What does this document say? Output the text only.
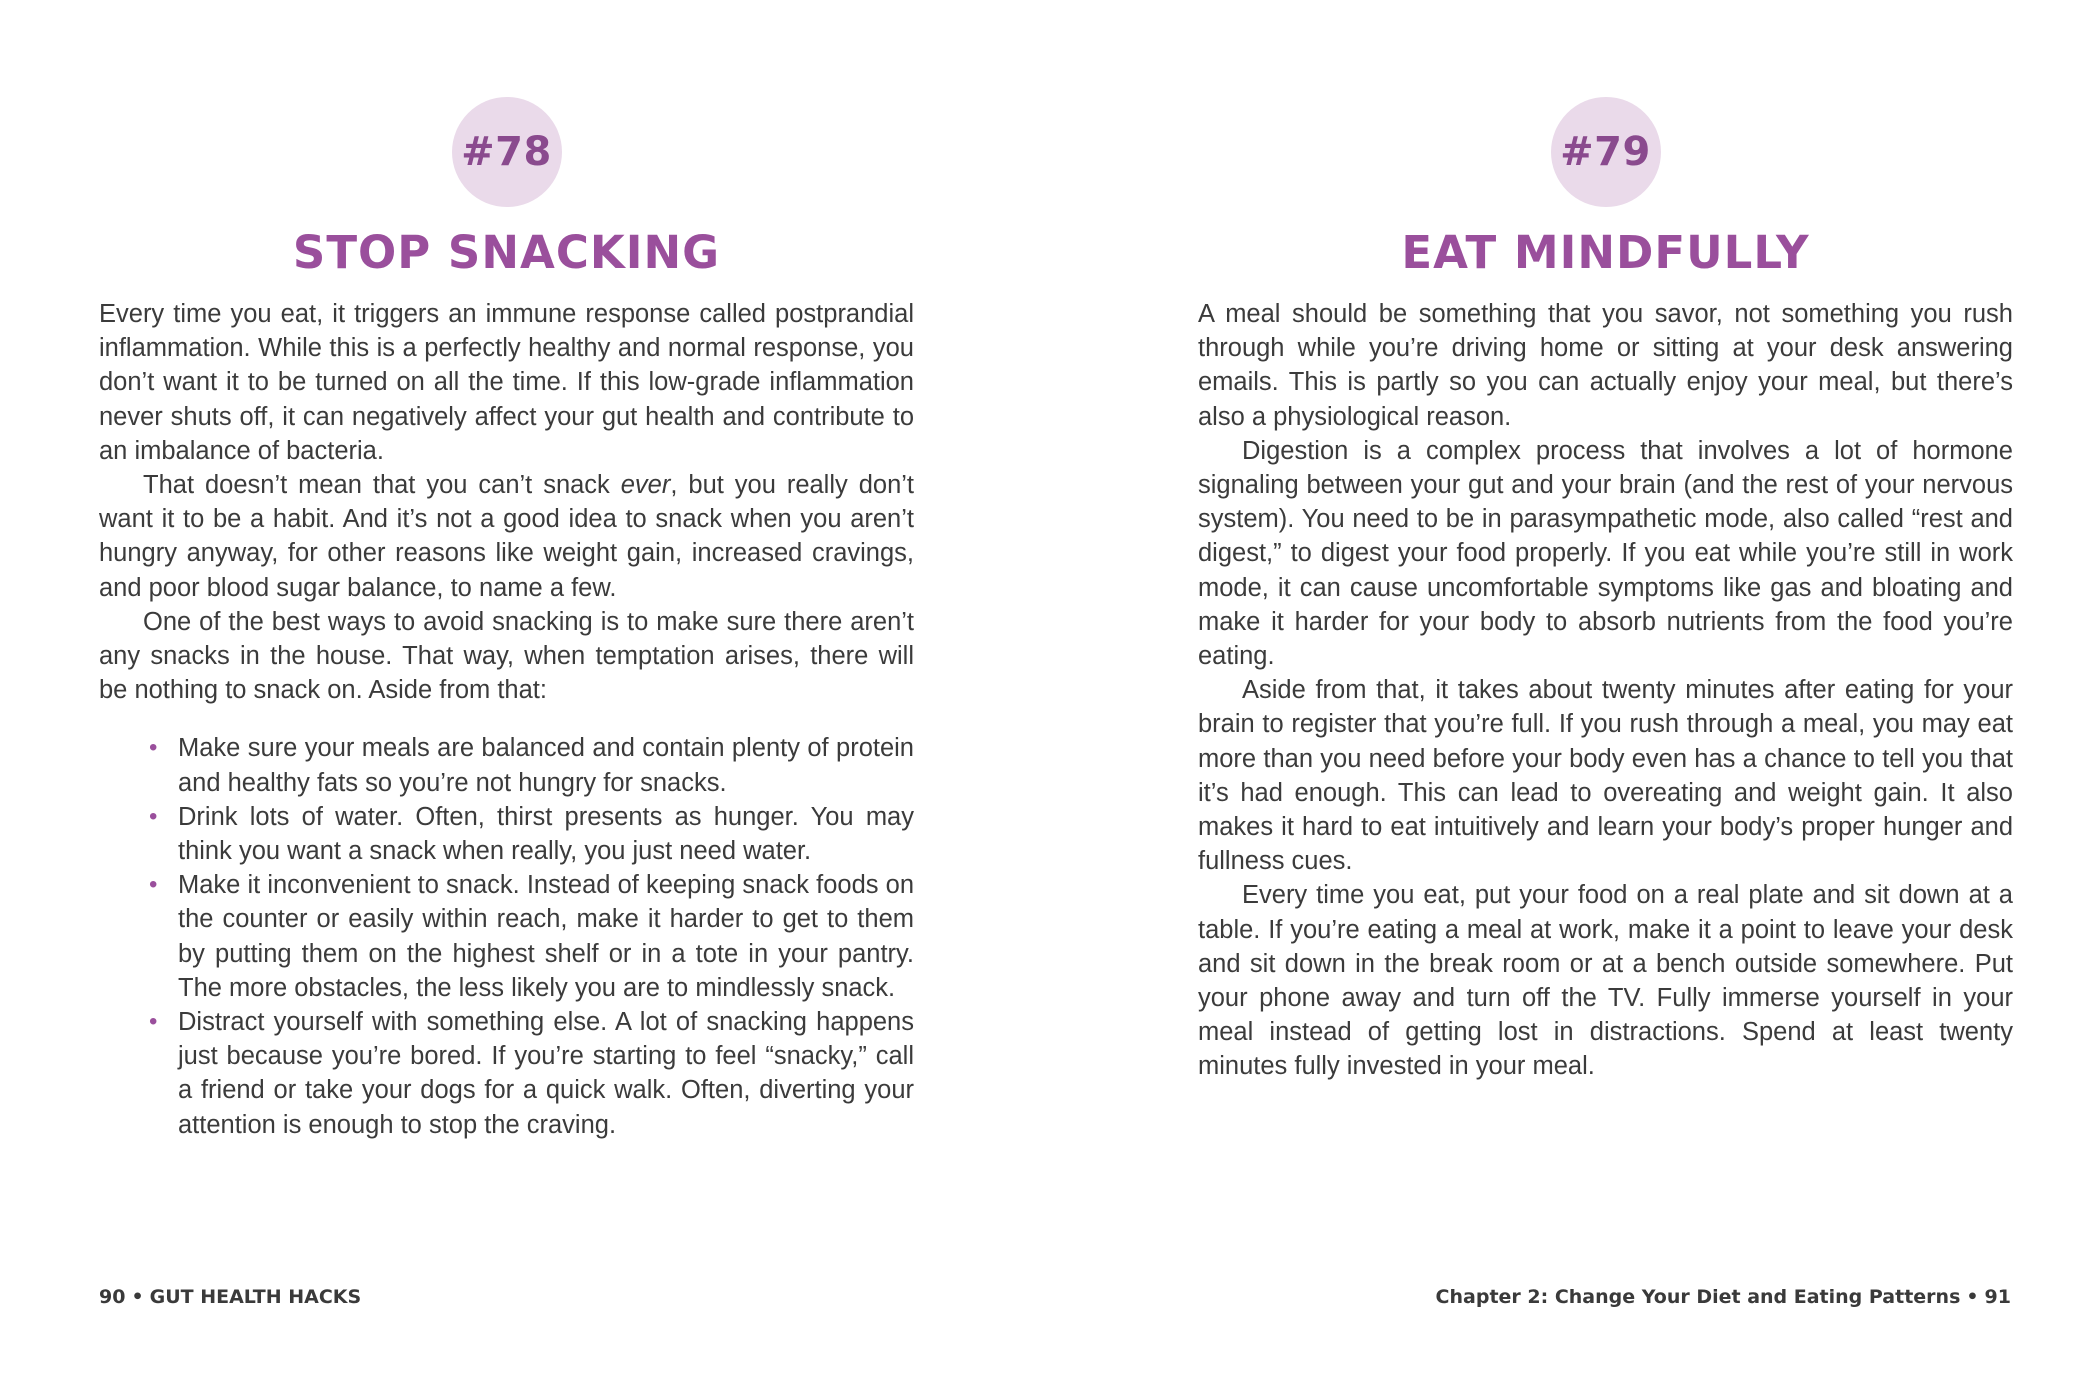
#78
STOP SNACKING

Every time you eat, it triggers an immune response called postprandial inflammation. While this is a perfectly healthy and normal response, you don’t want it to be turned on all the time. If this low-grade inflammation never shuts off, it can negatively affect your gut health and contribute to an imbalance of bacteria.

That doesn’t mean that you can’t snack ever, but you really don’t want it to be a habit. And it’s not a good idea to snack when you aren’t hungry anyway, for other reasons like weight gain, increased cravings, and poor blood sugar balance, to name a few.

One of the best ways to avoid snacking is to make sure there aren’t any snacks in the house. That way, when temptation arises, there will be nothing to snack on. Aside from that:

• Make sure your meals are balanced and contain plenty of protein and healthy fats so you’re not hungry for snacks.
• Drink lots of water. Often, thirst presents as hunger. You may think you want a snack when really, you just need water.
• Make it inconvenient to snack. Instead of keeping snack foods on the counter or easily within reach, make it harder to get to them by putting them on the highest shelf or in a tote in your pantry. The more obstacles, the less likely you are to mindlessly snack.
• Distract yourself with something else. A lot of snacking happens just because you’re bored. If you’re starting to feel “snacky,” call a friend or take your dogs for a quick walk. Often, diverting your attention is enough to stop the craving.
#79
EAT MINDFULLY

A meal should be something that you savor, not something you rush through while you’re driving home or sitting at your desk answering emails. This is partly so you can actually enjoy your meal, but there’s also a physiological reason.

Digestion is a complex process that involves a lot of hormone signaling between your gut and your brain (and the rest of your nervous system). You need to be in parasympathetic mode, also called “rest and digest,” to digest your food properly. If you eat while you’re still in work mode, it can cause uncomfortable symptoms like gas and bloating and make it harder for your body to absorb nutrients from the food you’re eating.

Aside from that, it takes about twenty minutes after eating for your brain to register that you’re full. If you rush through a meal, you may eat more than you need before your body even has a chance to tell you that it’s had enough. This can lead to overeating and weight gain. It also makes it hard to eat intuitively and learn your body’s proper hunger and fullness cues.

Every time you eat, put your food on a real plate and sit down at a table. If you’re eating a meal at work, make it a point to leave your desk and sit down in the break room or at a bench outside somewhere. Put your phone away and turn off the TV. Fully immerse yourself in your meal instead of getting lost in distractions. Spend at least twenty minutes fully invested in your meal.

90 • GUT HEALTH HACKS	Chapter 2: Change Your Diet and Eating Patterns • 91
